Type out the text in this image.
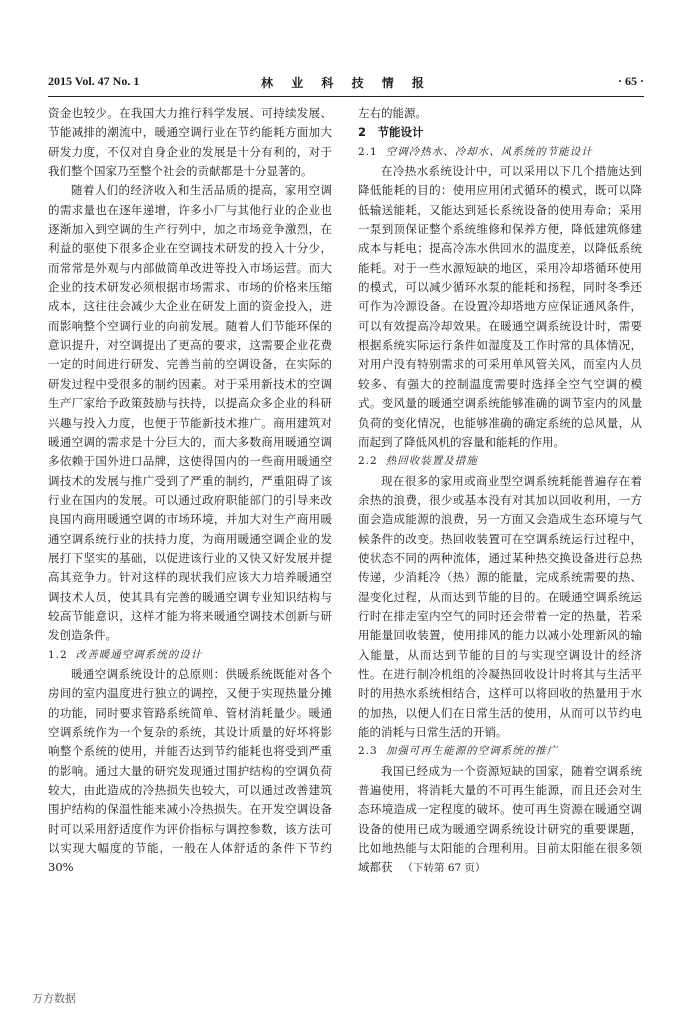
2015 Vol. 47 No. 1	林 业 科 技 情 报	· 65 ·

资金也较少。在我国大力推行科学发展、可持续发展、节能减排的潮流中，暖通空调行业在节约能耗方面加大研发力度，不仅对自身企业的发展是十分有利的，对于我们整个国家乃至整个社会的贡献都是十分显著的。

随着人们的经济收入和生活品质的提高，家用空调的需求量也在逐年递增，许多小厂与其他行业的企业也逐渐加入到空调的生产行列中，加之市场竞争激烈，在利益的驱使下很多企业在空调技术研发的投入十分少，而常常是外观与内部做简单改进等投入市场运营。而大企业的技术研发必须根据市场需求、市场的价格来压缩成本，这往往会减少大企业在研发上面的资金投入，进而影响整个空调行业的向前发展。随着人们节能环保的意识提升，对空调提出了更高的要求，这需要企业花费一定的时间进行研发、完善当前的空调设备，在实际的研发过程中受很多的制约因素。对于采用新技术的空调生产厂家给予政策鼓励与扶持，以提高众多企业的科研兴趣与投入力度，也便于节能新技术推广。商用建筑对暖通空调的需求是十分巨大的，而大多数商用暖通空调多依赖于国外进口品牌，这使得国内的一些商用暖通空调技术的发展与推广受到了严重的制约，严重阻碍了该行业在国内的发展。可以通过政府职能部门的引导来改良国内商用暖通空调的市场环境，并加大对生产商用暖通空调系统行业的扶持力度，为商用暖通空调企业的发展打下坚实的基础，以促进该行业的又快又好发展并提高其竞争力。针对这样的现状我们应该大力培养暖通空调技术人员，使其具有完善的暖通空调专业知识结构与较高节能意识，这样才能为将来暖通空调技术创新与研发创造条件。

1.2 改善暖通空调系统的设计

暖通空调系统设计的总原则：供暖系统既能对各个房间的室内温度进行独立的调控，又便于实现热量分摊的功能，同时要求管路系统简单、管材消耗量少。暖通空调系统作为一个复杂的系统，其设计质量的好坏将影响整个系统的使用，并能否达到节约能耗也将受到严重的影响。通过大量的研究发现通过围护结构的空调负荷较大，由此造成的冷热损失也较大，可以通过改善建筑围护结构的保温性能来减小冷热损失。在开发空调设备时可以采用舒适度作为评价指标与调控参数，该方法可以实现大幅度的节能，一般在人体舒适的条件下节约30%

左右的能源。

2　节能设计
2.1 空调冷热水、冷却水、风系统的节能设计

在冷热水系统设计中，可以采用以下几个措施达到降低能耗的目的：使用应用闭式循环的模式，既可以降低输送能耗，又能达到延长系统设备的使用寿命；采用一泵到顶保证整个系统维修和保养方便，降低建筑修建成本与耗电；提高冷冻水供回水的温度差，以降低系统能耗。对于一些水源短缺的地区，采用冷却塔循环使用的模式，可以减少循环水泵的能耗和扬程，同时冬季还可作为冷源设备。在设置冷却塔地方应保证通风条件，可以有效提高冷却效果。在暖通空调系统设计时，需要根据系统实际运行条件如湿度及工作时常的具体情况，对用户没有特别需求的可采用单风管关风，而室内人员较多、有强大的控制温度需要时选择全空气空调的模式。变风量的暖通空调系统能够准确的调节室内的风量负荷的变化情况，也能够准确的确定系统的总风量，从而起到了降低风机的容量和能耗的作用。

2.2 热回收装置及措施

现在很多的家用或商业型空调系统耗能普遍存在着余热的浪费，很少或基本没有对其加以回收利用，一方面会造成能源的浪费，另一方面又会造成生态环境与气候条件的改变。热回收装置可在空调系统运行过程中，使状态不同的两种流体，通过某种热交换设备进行总热传递，少消耗冷（热）源的能量，完成系统需要的热、湿变化过程，从而达到节能的目的。在暖通空调系统运行时在排走室内空气的同时还会带着一定的热量，若采用能量回收装置，使用排风的能力以减小处理新风的输入能量，从而达到节能的目的与实现空调设计的经济性。在进行制冷机组的冷凝热回收设计时将其与生活平时的用热水系统相结合，这样可以将回收的热量用于水的加热，以便人们在日常生活的使用，从而可以节约电能的消耗与日常生活的开销。

2.3 加强可再生能源的空调系统的推广

我国已经成为一个资源短缺的国家，随着空调系统普遍使用，将消耗大量的不可再生能源，而且还会对生态环境造成一定程度的破坏。使可再生资源在暖通空调设备的使用已成为暖通空调系统设计研究的重要课题，比如地热能与太阳能的合理利用。目前太阳能在很多领域都获 （下转第 67 页）

万方数据
